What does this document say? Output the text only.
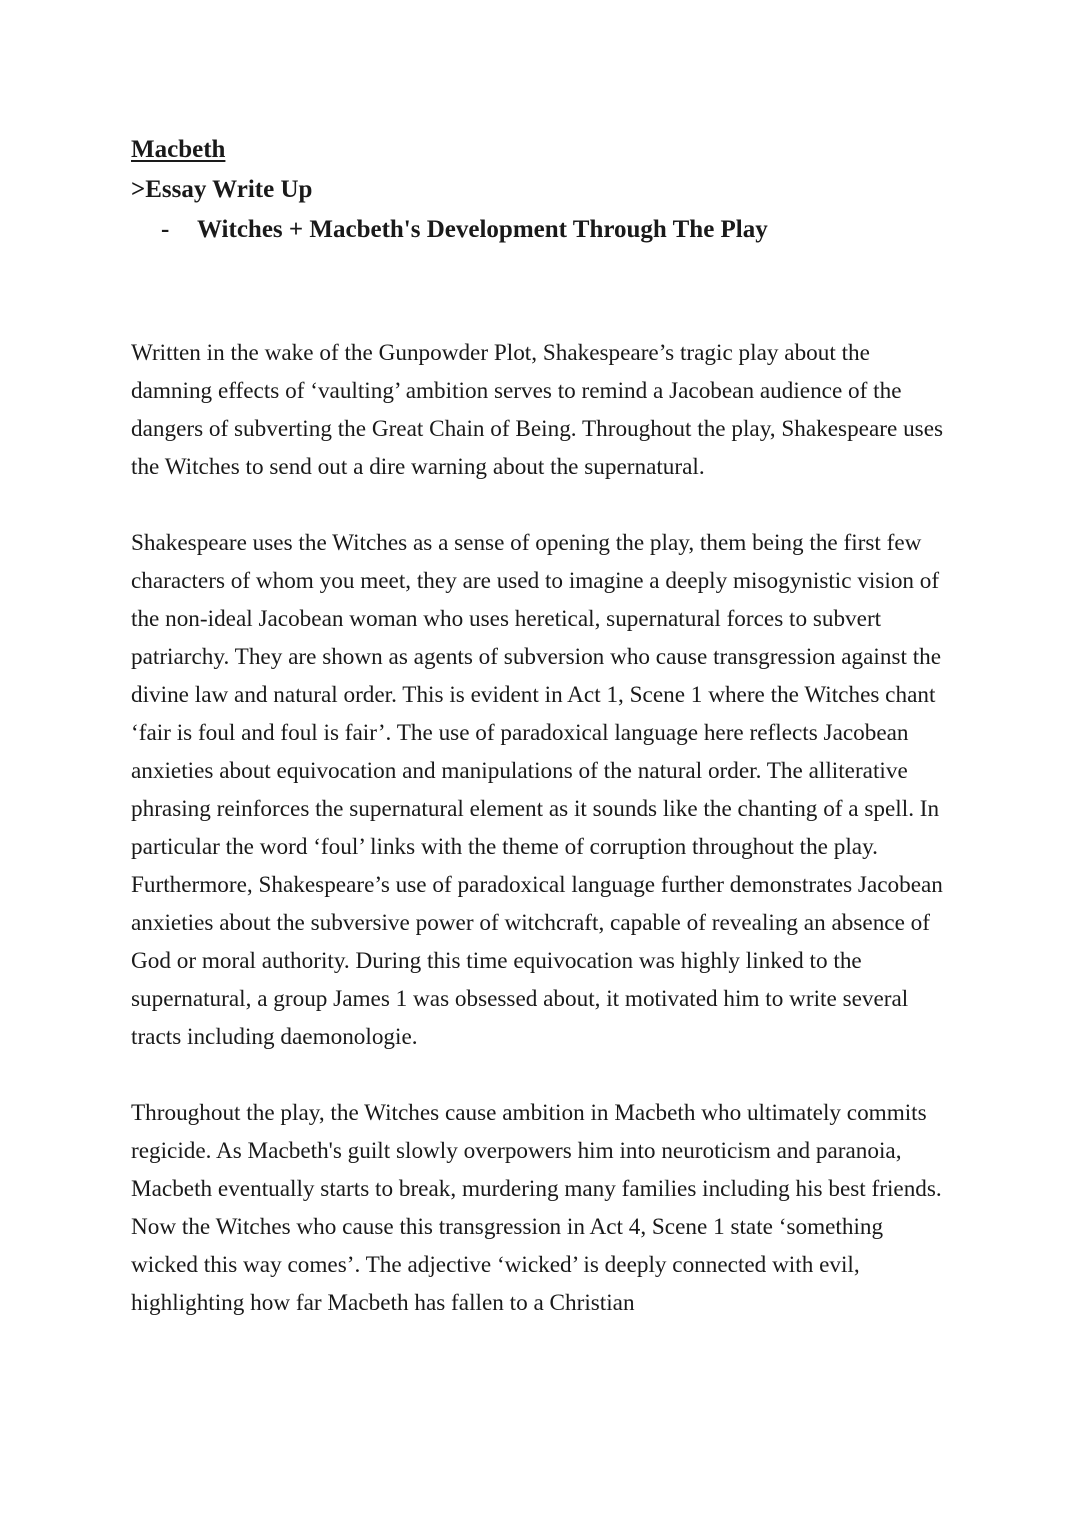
Macbeth
>Essay Write Up
-	Witches + Macbeth's Development Through The Play

Written in the wake of the Gunpowder Plot, Shakespeare’s tragic play about the damning effects of ‘vaulting’ ambition serves to remind a Jacobean audience of the dangers of subverting the Great Chain of Being. Throughout the play, Shakespeare uses the Witches to send out a dire warning about the supernatural.

Shakespeare uses the Witches as a sense of opening the play, them being the first few characters of whom you meet, they are used to imagine a deeply misogynistic vision of the non-ideal Jacobean woman who uses heretical, supernatural forces to subvert patriarchy. They are shown as agents of subversion who cause transgression against the divine law and natural order. This is evident in Act 1, Scene 1 where the Witches chant ‘fair is foul and foul is fair’. The use of paradoxical language here reflects Jacobean anxieties about equivocation and manipulations of the natural order. The alliterative phrasing reinforces the supernatural element as it sounds like the chanting of a spell. In particular the word ‘foul’ links with the theme of corruption throughout the play. Furthermore, Shakespeare’s use of paradoxical language further demonstrates Jacobean anxieties about the subversive power of witchcraft, capable of revealing an absence of God or moral authority. During this time equivocation was highly linked to the supernatural, a group James 1 was obsessed about, it motivated him to write several tracts including daemonologie.

Throughout the play, the Witches cause ambition in Macbeth who ultimately commits regicide. As Macbeth's guilt slowly overpowers him into neuroticism and paranoia, Macbeth eventually starts to break, murdering many families including his best friends. Now the Witches who cause this transgression in Act 4, Scene 1 state ‘something wicked this way comes’. The adjective ‘wicked’ is deeply connected with evil, highlighting how far Macbeth has fallen to a Christian
